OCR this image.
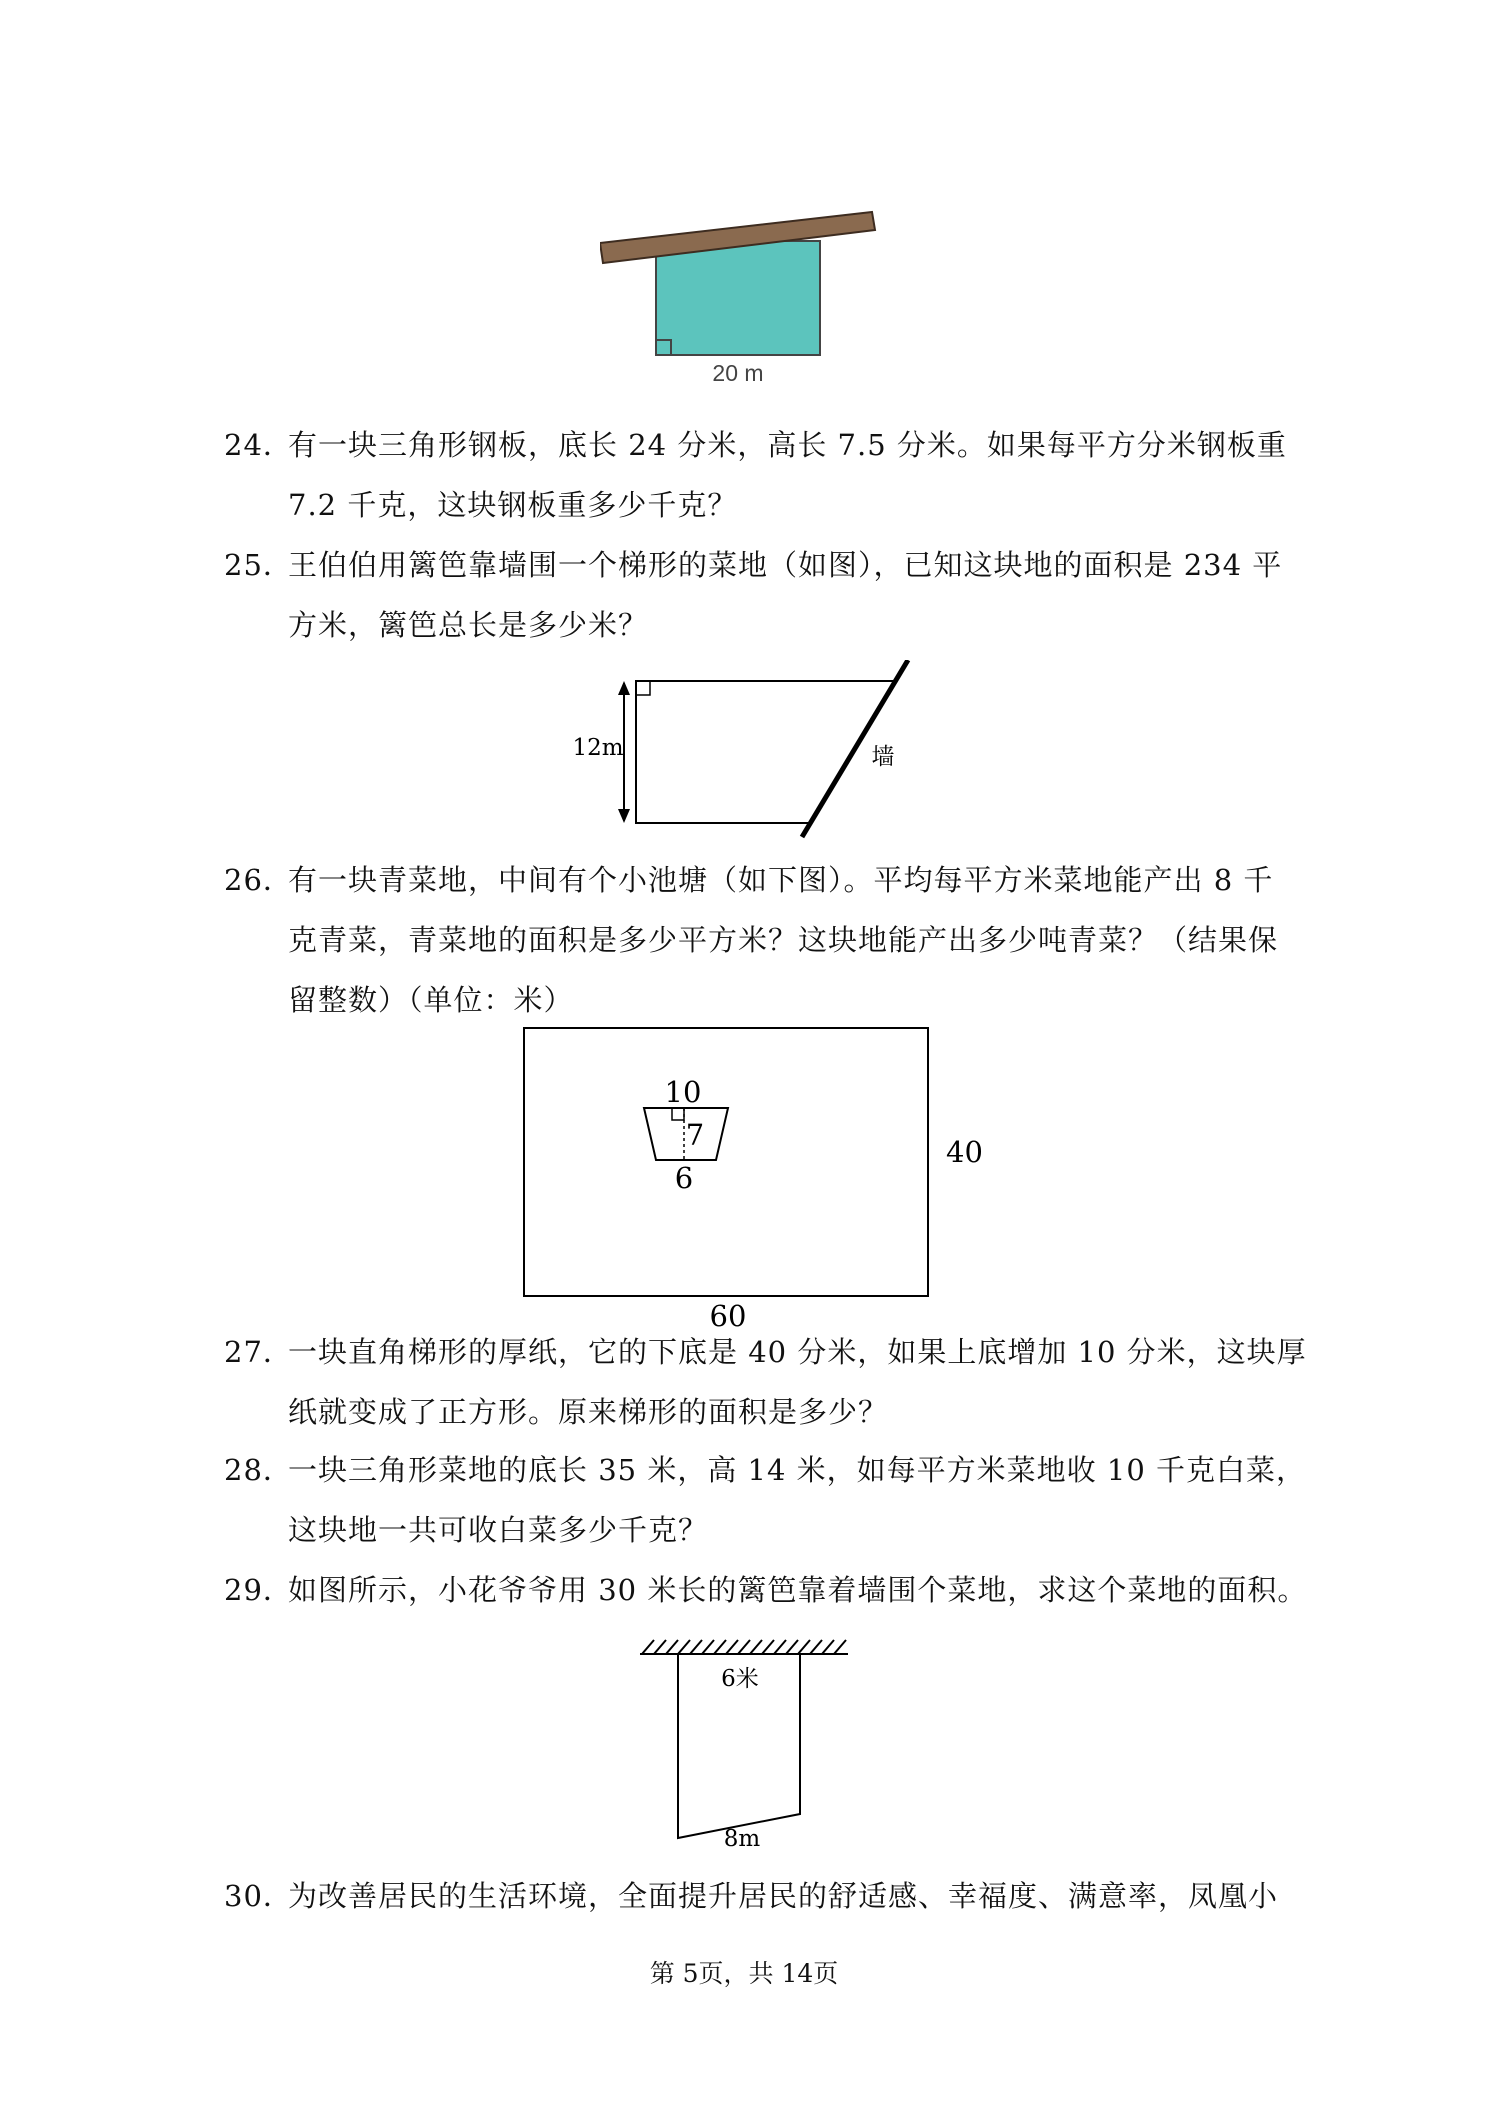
20 m
24．有一块三角形钢板，底长 24 分米，高长 7.5 分米。如果每平方分米钢板重
7.2 千克，这块钢板重多少千克？
25．王伯伯用篱笆靠墙围一个梯形的菜地（如图），已知这块地的面积是 234 平
方米，篱笆总长是多少米？
12m	墙
26．有一块青菜地，中间有个小池塘（如下图）。平均每平方米菜地能产出 8 千
克青菜，青菜地的面积是多少平方米？这块地能产出多少吨青菜？（结果保
留整数）（单位：米）
10
7
6
40
60
27．一块直角梯形的厚纸，它的下底是 40 分米，如果上底增加 10 分米，这块厚
纸就变成了正方形。原来梯形的面积是多少？
28．一块三角形菜地的底长 35 米，高 14 米，如每平方米菜地收 10 千克白菜，
这块地一共可收白菜多少千克？
29．如图所示，小花爷爷用 30 米长的篱笆靠着墙围个菜地，求这个菜地的面积。
6米
8m
30．为改善居民的生活环境，全面提升居民的舒适感、幸福度、满意率，凤凰小
第 5页，共 14页
